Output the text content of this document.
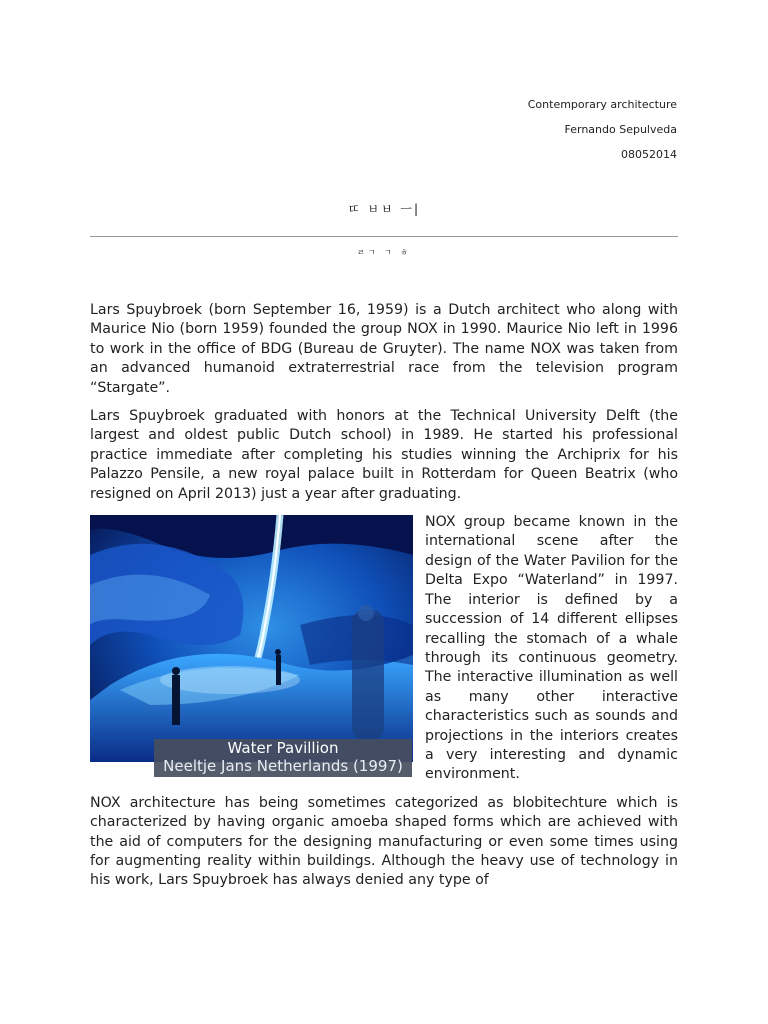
Contemporary architecture
Fernando Sepulveda
08052014
ㄸ ㅂㅂ ㅡ|
ㄹㄱ ㄱ ㅎ

Lars Spuybroek (born September 16, 1959) is a Dutch architect who along with Maurice Nio (born 1959) founded the group NOX in 1990. Maurice Nio left in 1996 to work in the office of BDG (Bureau de Gruyter). The name NOX was taken from an advanced humanoid extraterrestrial race from the television program “Stargate”.

Lars Spuybroek graduated with honors at the Technical University Delft (the largest and oldest public Dutch school) in 1989. He started his professional practice immediate after completing his studies winning the Archiprix for his Palazzo Pensile, a new royal palace built in Rotterdam for Queen Beatrix (who resigned on April 2013) just a year after graduating.

Water Pavillion
Neeltje Jans Netherlands (1997)

NOX group became known in the international scene after the design of the Water Pavilion for the Delta Expo “Waterland” in 1997. The interior is defined by a succession of 14 different ellipses recalling the stomach of a whale through its continuous geometry. The interactive illumination as well as many other interactive characteristics such as sounds and projections in the interiors creates a very interesting and dynamic environment.

NOX architecture has being sometimes categorized as blobitechture which is characterized by having organic amoeba shaped forms which are achieved with the aid of computers for the designing manufacturing or even some times using for augmenting reality within buildings. Although the heavy use of technology in his work, Lars Spuybroek has always denied any type of
